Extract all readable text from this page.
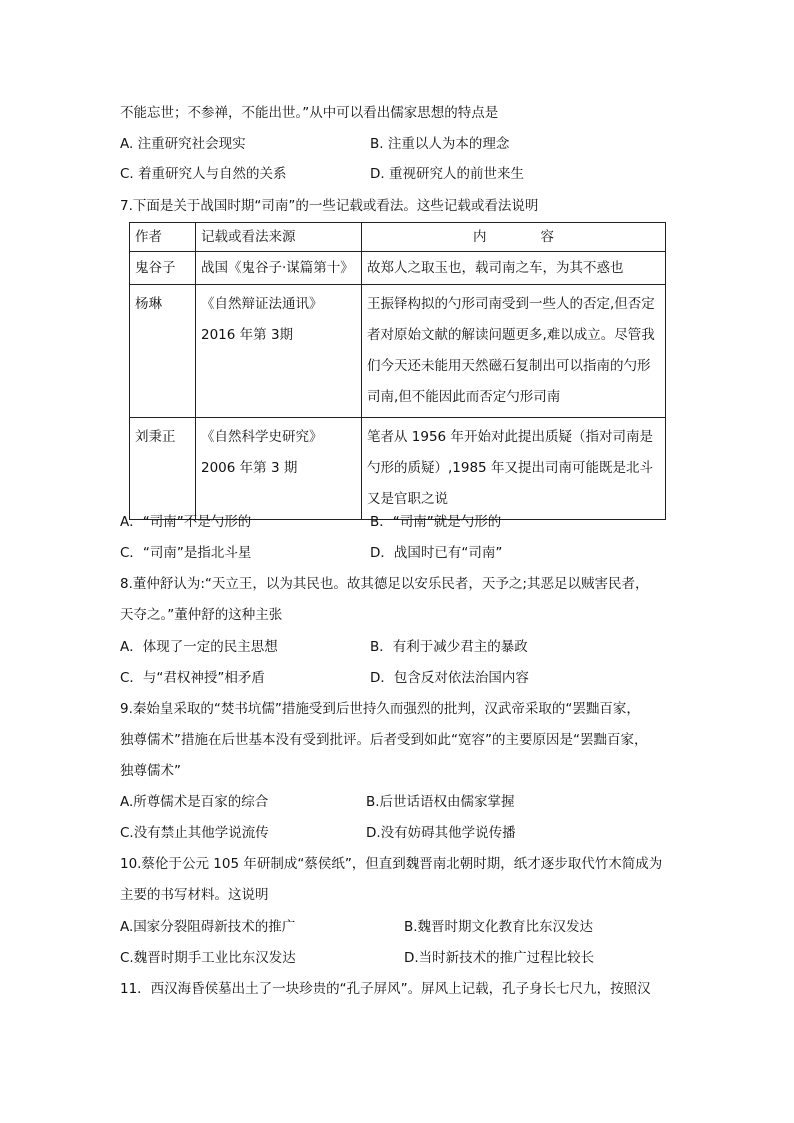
不能忘世；不参禅，不能出世。”从中可以看出儒家思想的特点是
A. 注重研究社会现实	B. 注重以人为本的理念
C. 着重研究人与自然的关系	D. 重视研究人的前世来生
7.下面是关于战国时期“司南”的一些记载或看法。这些记载或看法说明
作者	记载或看法来源	内　　　　容
鬼谷子	战国《鬼谷子·谋篇第十》	故郑人之取玉也，载司南之车，为其不惑也
杨琳	《自然辩证法通讯》2016 年第 3期	王振铎构拟的勺形司南受到一些人的否定,但否定者对原始文献的解读问题更多,难以成立。尽管我们今天还未能用天然磁石复制出可以指南的勺形司南,但不能因此而否定勺形司南
刘秉正	《自然科学史研究》2006 年第 3 期	笔者从 1956 年开始对此提出质疑（指对司南是勺形的质疑）,1985 年又提出司南可能既是北斗又是官职之说
A．“司南”不是勺形的	B．“司南”就是勺形的
C．“司南”是指北斗星	D．战国时已有“司南”
8.董仲舒认为:“天立王，以为其民也。故其德足以安乐民者，天予之;其恶足以贼害民者，
天夺之。”董仲舒的这种主张
A．体现了一定的民主思想	B．有利于减少君主的暴政
C．与“君权神授”相矛盾	D．包含反对依法治国内容
9.秦始皇采取的“焚书坑儒”措施受到后世持久而强烈的批判，汉武帝采取的“罢黜百家，
独尊儒术”措施在后世基本没有受到批评。后者受到如此“宽容”的主要原因是“罢黜百家，
独尊儒术”
A.所尊儒术是百家的综合	B.后世话语权由儒家掌握
C.没有禁止其他学说流传	D.没有妨碍其他学说传播
10.蔡伦于公元 105 年研制成“蔡侯纸”，但直到魏晋南北朝时期，纸才逐步取代竹木简成为
主要的书写材料。这说明
A.国家分裂阻碍新技术的推广	B.魏晋时期文化教育比东汉发达
C.魏晋时期手工业比东汉发达	D.当时新技术的推广过程比较长
11．西汉海昏侯墓出土了一块珍贵的“孔子屏风”。屏风上记载，孔子身长七尺九，按照汉
